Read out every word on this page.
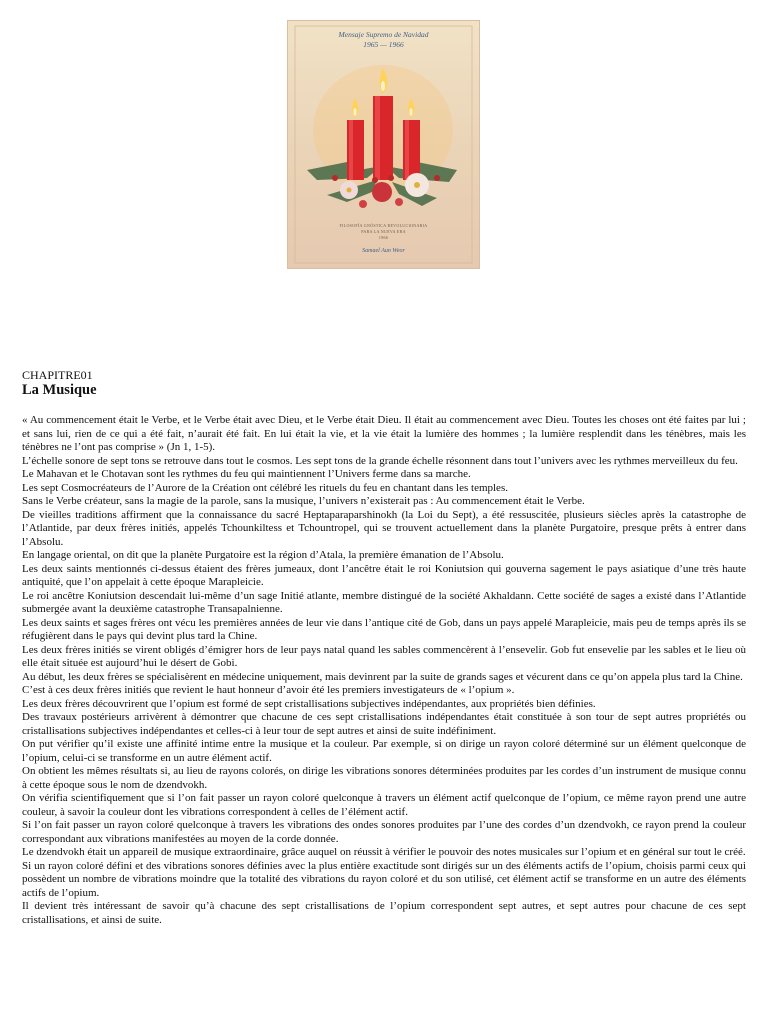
Mensaje Supremo de Navidad
1965 — 1966
FILOSOFÍA GNÓSTICA REVOLUCIONARIA
PARA LA NUEVA ERA
1966
Samael Aun Weor
CHAPITRE01
La Musique

« Au commencement était le Verbe, et le Verbe était avec Dieu, et le Verbe était Dieu. Il était au commencement avec Dieu. Toutes les choses ont été faites par lui ; et sans lui, rien de ce qui a été fait, n’aurait été fait. En lui était la vie, et la vie était la lumière des hommes ; la lumière resplendit dans les ténèbres, mais les ténèbres ne l’ont pas comprise » (Jn 1, 1-5).

L’échelle sonore de sept tons se retrouve dans tout le cosmos. Les sept tons de la grande échelle résonnent dans tout l’univers avec les rythmes merveilleux du feu.

Le Mahavan et le Chotavan sont les rythmes du feu qui maintiennent l’Univers ferme dans sa marche.

Les sept Cosmocréateurs de l’Aurore de la Création ont célébré les rituels du feu en chantant dans les temples.

Sans le Verbe créateur, sans la magie de la parole, sans la musique, l’univers n’existerait pas : Au commencement était le Verbe.

De vieilles traditions affirment que la connaissance du sacré Heptaparaparshinokh (la Loi du Sept), a été ressuscitée, plusieurs siècles après la catastrophe de l’Atlantide, par deux frères initiés, appelés Tchounkiltess et Tchountropel, qui se trouvent actuellement dans la planète Purgatoire, presque prêts à entrer dans l’Absolu.

En langage oriental, on dit que la planète Purgatoire est la région d’Atala, la première émanation de l’Absolu.

Les deux saints mentionnés ci-dessus étaient des frères jumeaux, dont l’ancêtre était le roi Koniutsion qui gouverna sagement le pays asiatique d’une très haute antiquité, que l’on appelait à cette époque Marapleicie.

Le roi ancêtre Koniutsion descendait lui-même d’un sage Initié atlante, membre distingué de la société Akhaldann. Cette société de sages a existé dans l’Atlantide submergée avant la deuxième catastrophe Transapalnienne.

Les deux saints et sages frères ont vécu les premières années de leur vie dans l’antique cité de Gob, dans un pays appelé Marapleicie, mais peu de temps après ils se réfugièrent dans le pays qui devint plus tard la Chine.

Les deux frères initiés se virent obligés d’émigrer hors de leur pays natal quand les sables commencèrent à l’ensevelir. Gob fut ensevelie par les sables et le lieu où elle était située est aujourd’hui le désert de Gobi.

Au début, les deux frères se spécialisèrent en médecine uniquement, mais devinrent par la suite de grands sages et vécurent dans ce qu’on appela plus tard la Chine.

C’est à ces deux frères initiés que revient le haut honneur d’avoir été les premiers investigateurs de « l’opium ».

Les deux frères découvrirent que l’opium est formé de sept cristallisations subjectives indépendantes, aux propriétés bien définies.

Des travaux postérieurs arrivèrent à démontrer que chacune de ces sept cristallisations indépendantes était constituée à son tour de sept autres propriétés ou cristallisations subjectives indépendantes et celles-ci à leur tour de sept autres et ainsi de suite indéfiniment.

On put vérifier qu’il existe une affinité intime entre la musique et la couleur. Par exemple, si on dirige un rayon coloré déterminé sur un élément quelconque de l’opium, celui-ci se transforme en un autre élément actif.

On obtient les mêmes résultats si, au lieu de rayons colorés, on dirige les vibrations sonores déterminées produites par les cordes d’un instrument de musique connu à cette époque sous le nom de dzendvokh.

On vérifia scientifiquement que si l’on fait passer un rayon coloré quelconque à travers un élément actif quelconque de l’opium, ce même rayon prend une autre couleur, à savoir la couleur dont les vibrations correspondent à celles de l’élément actif.

Si l’on fait passer un rayon coloré quelconque à travers les vibrations des ondes sonores produites par l’une des cordes d’un dzendvokh, ce rayon prend la couleur correspondant aux vibrations manifestées au moyen de la corde donnée.

Le dzendvokh était un appareil de musique extraordinaire, grâce auquel on réussit à vérifier le pouvoir des notes musicales sur l’opium et en général sur tout le créé.

Si un rayon coloré défini et des vibrations sonores définies avec la plus entière exactitude sont dirigés sur un des éléments actifs de l’opium, choisis parmi ceux qui possèdent un nombre de vibrations moindre que la totalité des vibrations du rayon coloré et du son utilisé, cet élément actif se transforme en un autre des éléments actifs de l’opium.

Il devient très intéressant de savoir qu’à chacune des sept cristallisations de l’opium correspondent sept autres, et sept autres pour chacune de ces sept cristallisations, et ainsi de suite.
